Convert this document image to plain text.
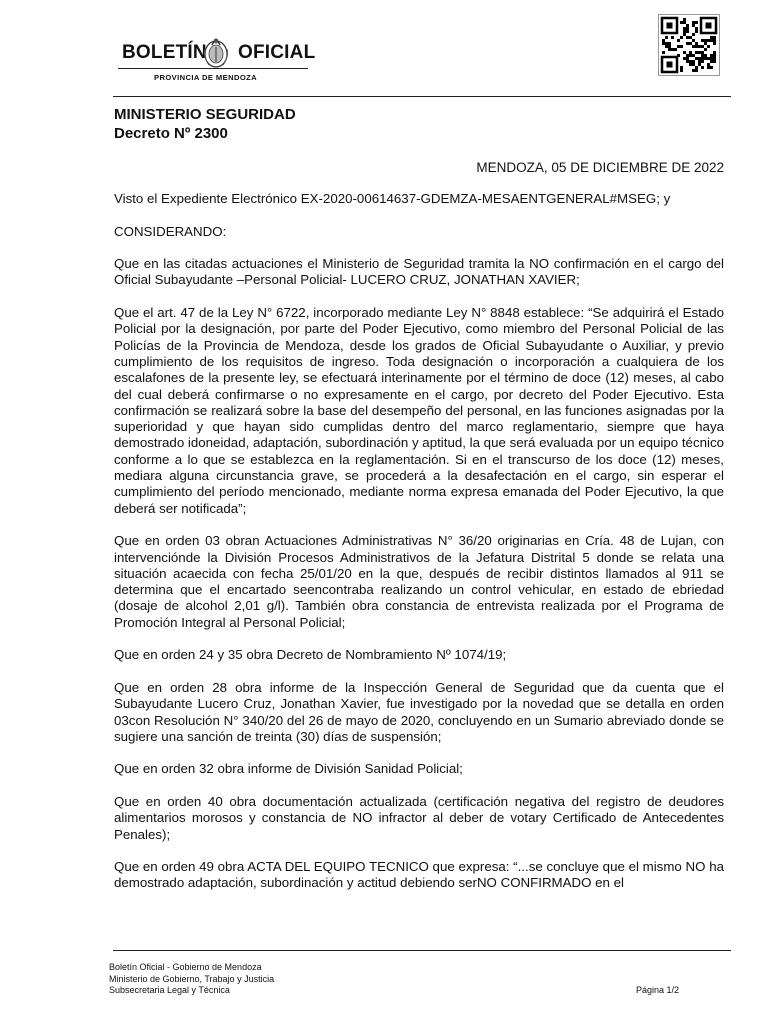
BOLETÍN OFICIAL
PROVINCIA DE MENDOZA
MINISTERIO SEGURIDAD
Decreto Nº 2300
MENDOZA, 05 DE DICIEMBRE DE 2022

Visto el Expediente Electrónico EX-2020-00614637-GDEMZA-MESAENTGENERAL#MSEG; y

CONSIDERANDO:

Que en las citadas actuaciones el Ministerio de Seguridad tramita la NO confirmación en el cargo del Oficial Subayudante –Personal Policial- LUCERO CRUZ, JONATHAN XAVIER;

Que el art. 47 de la Ley N° 6722, incorporado mediante Ley N° 8848 establece: “Se adquirirá el Estado Policial por la designación, por parte del Poder Ejecutivo, como miembro del Personal Policial de las Policías de la Provincia de Mendoza, desde los grados de Oficial Subayudante o Auxiliar, y previo cumplimiento de los requisitos de ingreso. Toda designación o incorporación a cualquiera de los escalafones de la presente ley, se efectuará interinamente por el término de doce (12) meses, al cabo del cual deberá confirmarse o no expresamente en el cargo, por decreto del Poder Ejecutivo. Esta confirmación se realizará sobre la base del desempeño del personal, en las funciones asignadas por la superioridad y que hayan sido cumplidas dentro del marco reglamentario, siempre que haya demostrado idoneidad, adaptación, subordinación y aptitud, la que será evaluada por un equipo técnico conforme a lo que se establezca en la reglamentación. Si en el transcurso de los doce (12) meses, mediara alguna circunstancia grave, se procederá a la desafectación en el cargo, sin esperar el cumplimiento del período mencionado, mediante norma expresa emanada del Poder Ejecutivo, la que deberá ser notificada”;

Que en orden 03 obran Actuaciones Administrativas N° 36/20 originarias en Cría. 48 de Lujan, con intervenciónde la División Procesos Administrativos de la Jefatura Distrital 5 donde se relata una situación acaecida con fecha 25/01/20 en la que, después de recibir distintos llamados al 911 se determina que el encartado seencontraba realizando un control vehicular, en estado de ebriedad (dosaje de alcohol 2,01 g/l). También obra constancia de entrevista realizada por el Programa de Promoción Integral al Personal Policial;

Que en orden 24 y 35 obra Decreto de Nombramiento Nº 1074/19;

Que en orden 28 obra informe de la Inspección General de Seguridad que da cuenta que el Subayudante Lucero Cruz, Jonathan Xavier, fue investigado por la novedad que se detalla en orden 03con Resolución N° 340/20 del 26 de mayo de 2020, concluyendo en un Sumario abreviado donde se sugiere una sanción de treinta (30) días de suspensión;

Que en orden 32 obra informe de División Sanidad Policial;

Que en orden 40 obra documentación actualizada (certificación negativa del registro de deudores alimentarios morosos y constancia de NO infractor al deber de votary Certificado de Antecedentes Penales);

Que en orden 49 obra ACTA DEL EQUIPO TECNICO que expresa: “...se concluye que el mismo NO ha demostrado adaptación, subordinación y actitud debiendo serNO CONFIRMADO en el

Boletín Oficial - Gobierno de Mendoza
Ministerio de Gobierno, Trabajo y Justicia
Subsecretaria Legal y Técnica	Página 1/2
